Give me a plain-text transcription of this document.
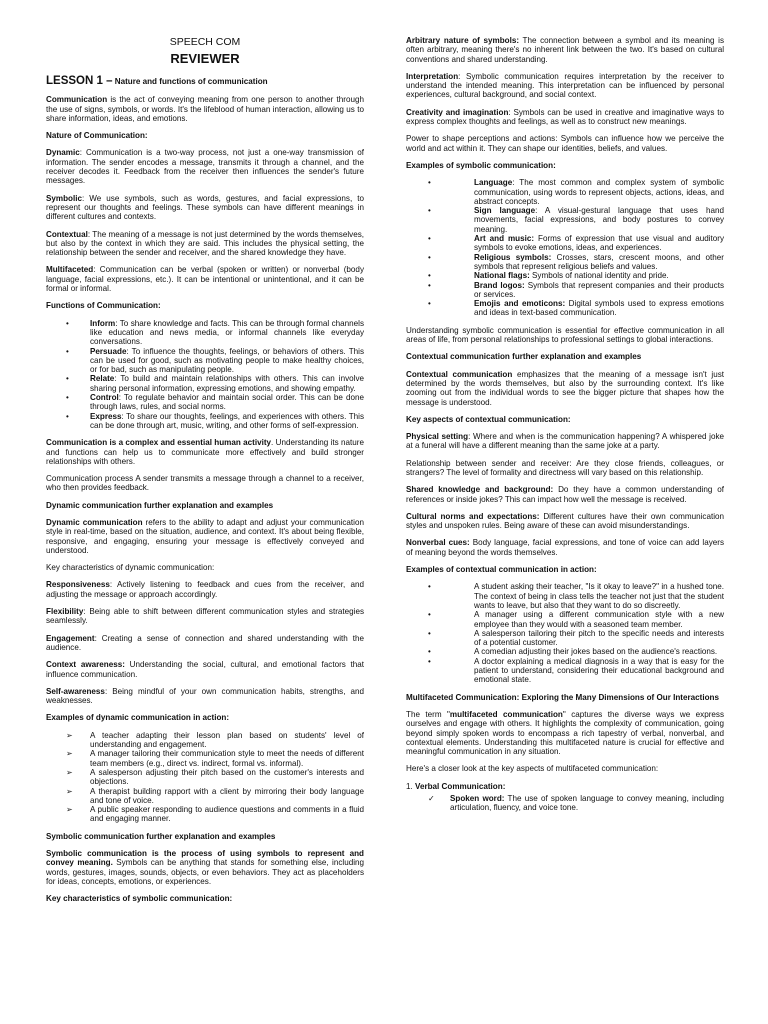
SPEECH COM
REVIEWER
LESSON 1 – Nature and functions of communication

Communication is the act of conveying meaning from one person to another through the use of signs, symbols, or words. It's the lifeblood of human interaction, allowing us to share information, ideas, and emotions.

Nature of Communication:

Dynamic: Communication is a two-way process, not just a one-way transmission of information. The sender encodes a message, transmits it through a channel, and the receiver decodes it. Feedback from the receiver then influences the sender's future messages.

Symbolic: We use symbols, such as words, gestures, and facial expressions, to represent our thoughts and feelings. These symbols can have different meanings in different cultures and contexts.

Contextual: The meaning of a message is not just determined by the words themselves, but also by the context in which they are said. This includes the physical setting, the relationship between the sender and receiver, and the shared knowledge they have.

Multifaceted: Communication can be verbal (spoken or written) or nonverbal (body language, facial expressions, etc.). It can be intentional or unintentional, and it can be formal or informal.

Functions of Communication:
•	Inform: To share knowledge and facts. This can be through formal channels like education and news media, or informal channels like everyday conversations.
•	Persuade: To influence the thoughts, feelings, or behaviors of others. This can be used for good, such as motivating people to make healthy choices, or for bad, such as manipulating people.
•	Relate: To build and maintain relationships with others. This can involve sharing personal information, expressing emotions, and showing empathy.
•	Control: To regulate behavior and maintain social order. This can be done through laws, rules, and social norms.
•	Express: To share our thoughts, feelings, and experiences with others. This can be done through art, music, writing, and other forms of self-expression.

Communication is a complex and essential human activity. Understanding its nature and functions can help us to communicate more effectively and build stronger relationships with others.

Communication process A sender transmits a message through a channel to a receiver, who then provides feedback.

Dynamic communication further explanation and examples

Dynamic communication refers to the ability to adapt and adjust your communication style in real-time, based on the situation, audience, and context. It's about being flexible, responsive, and engaging, ensuring your message is effectively conveyed and understood.

Key characteristics of dynamic communication:

Responsiveness: Actively listening to feedback and cues from the receiver, and adjusting the message or approach accordingly.

Flexibility: Being able to shift between different communication styles and strategies seamlessly.

Engagement: Creating a sense of connection and shared understanding with the audience.

Context awareness: Understanding the social, cultural, and emotional factors that influence communication.

Self-awareness: Being mindful of your own communication habits, strengths, and weaknesses.

Examples of dynamic communication in action:
➢ A teacher adapting their lesson plan based on students' level of understanding and engagement.
➢ A manager tailoring their communication style to meet the needs of different team members (e.g., direct vs. indirect, formal vs. informal).
➢ A salesperson adjusting their pitch based on the customer's interests and objections.
➢ A therapist building rapport with a client by mirroring their body language and tone of voice.
➢ A public speaker responding to audience questions and comments in a fluid and engaging manner.
Symbolic communication further explanation and examples

Symbolic communication is the process of using symbols to represent and convey meaning. Symbols can be anything that stands for something else, including words, gestures, images, sounds, objects, or even behaviors. They act as placeholders for ideas, concepts, emotions, or experiences.

Key characteristics of symbolic communication:

Arbitrary nature of symbols: The connection between a symbol and its meaning is often arbitrary, meaning there's no inherent link between the two. It's based on cultural conventions and shared understanding.

Interpretation: Symbolic communication requires interpretation by the receiver to understand the intended meaning. This interpretation can be influenced by personal experiences, cultural background, and social context.

Creativity and imagination: Symbols can be used in creative and imaginative ways to express complex thoughts and feelings, as well as to construct new meanings.

Power to shape perceptions and actions: Symbols can influence how we perceive the world and act within it. They can shape our identities, beliefs, and values.

Examples of symbolic communication:
•	Language: The most common and complex system of symbolic communication, using words to represent objects, actions, ideas, and abstract concepts.
•	Sign language: A visual-gestural language that uses hand movements, facial expressions, and body postures to convey meaning.
•	Art and music: Forms of expression that use visual and auditory symbols to evoke emotions, ideas, and experiences.
•	Religious symbols: Crosses, stars, crescent moons, and other symbols that represent religious beliefs and values.
•	National flags: Symbols of national identity and pride.
•	Brand logos: Symbols that represent companies and their products or services.
•	Emojis and emoticons: Digital symbols used to express emotions and ideas in text-based communication.

Understanding symbolic communication is essential for effective communication in all areas of life, from personal relationships to professional settings to global interactions.

Contextual communication further explanation and examples

Contextual communication emphasizes that the meaning of a message isn't just determined by the words themselves, but also by the surrounding context. It's like zooming out from the individual words to see the bigger picture that shapes how the message is understood.

Key aspects of contextual communication:

Physical setting: Where and when is the communication happening? A whispered joke at a funeral will have a different meaning than the same joke at a party.

Relationship between sender and receiver: Are they close friends, colleagues, or strangers? The level of formality and directness will vary based on this relationship.

Shared knowledge and background: Do they have a common understanding of references or inside jokes? This can impact how well the message is received.

Cultural norms and expectations: Different cultures have their own communication styles and unspoken rules. Being aware of these can avoid misunderstandings.

Nonverbal cues: Body language, facial expressions, and tone of voice can add layers of meaning beyond the words themselves.

Examples of contextual communication in action:
•	A student asking their teacher, "Is it okay to leave?" in a hushed tone. The context of being in class tells the teacher not just that the student wants to leave, but also that they want to do so discreetly.
•	A manager using a different communication style with a new employee than they would with a seasoned team member.
•	A salesperson tailoring their pitch to the specific needs and interests of a potential customer.
•	A comedian adjusting their jokes based on the audience's reactions.
•	A doctor explaining a medical diagnosis in a way that is easy for the patient to understand, considering their educational background and emotional state.
Multifaceted Communication: Exploring the Many Dimensions of Our Interactions

The term "multifaceted communication" captures the diverse ways we express ourselves and engage with others. It highlights the complexity of communication, going beyond simply spoken words to encompass a rich tapestry of verbal, nonverbal, and contextual elements. Understanding this multifaceted nature is crucial for effective and meaningful communication in any situation.

Here's a closer look at the key aspects of multifaceted communication:

1. Verbal Communication:

✓ Spoken word: The use of spoken language to convey meaning, including articulation, fluency, and voice tone.
